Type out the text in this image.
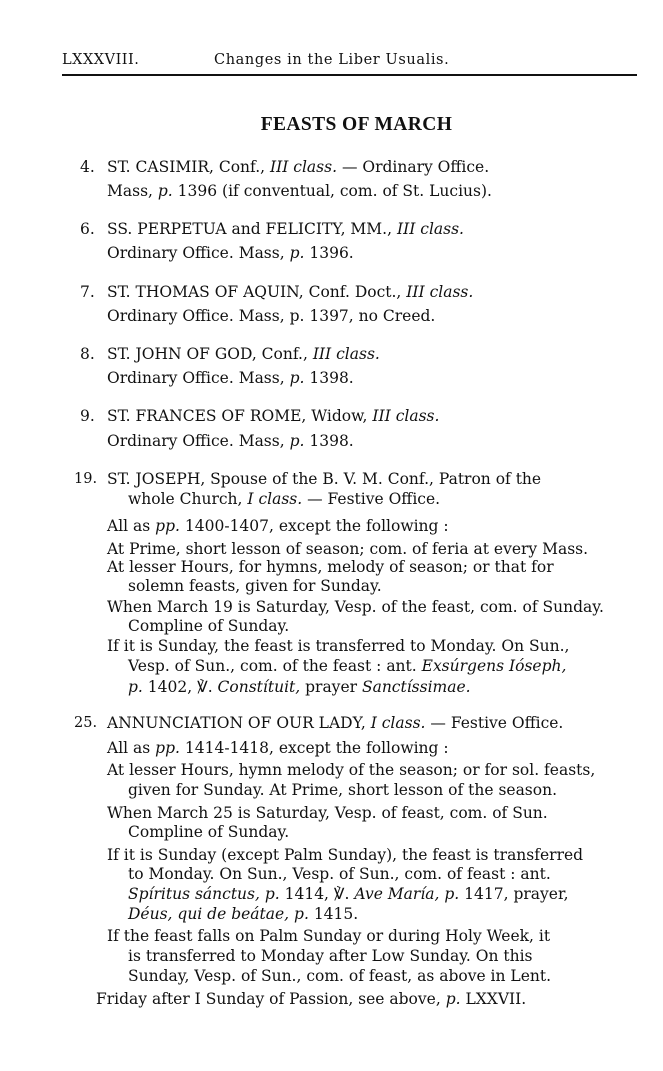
LXXXVIII.	Changes in the Liber Usualis.
FEASTS OF MARCH
4. ST. CASIMIR, Conf., III class. — Ordinary Office.
Mass, p. 1396 (if conventual, com. of St. Lucius).
6. SS. PERPETUA and FELICITY, MM., III class.
Ordinary Office. Mass, p. 1396.
7. ST. THOMAS OF AQUIN, Conf. Doct., III class.
Ordinary Office. Mass, p. 1397, no Creed.
8. ST. JOHN OF GOD, Conf., III class.
Ordinary Office. Mass, p. 1398.
9. ST. FRANCES OF ROME, Widow, III class.
Ordinary Office. Mass, p. 1398.
19. ST. JOSEPH, Spouse of the B. V. M. Conf., Patron of the
whole Church, I class. — Festive Office.
All as pp. 1400-1407, except the following :
At Prime, short lesson of season; com. of feria at every Mass.
At lesser Hours, for hymns, melody of season; or that for
solemn feasts, given for Sunday.
When March 19 is Saturday, Vesp. of the feast, com. of Sunday.
Compline of Sunday.
If it is Sunday, the feast is transferred to Monday. On Sun.,
Vesp. of Sun., com. of the feast : ant. Exsúrgens Ióseph,
p. 1402, ℣. Constítuit, prayer Sanctíssimae.
25. ANNUNCIATION OF OUR LADY, I class. — Festive Office.
All as pp. 1414-1418, except the following :
At lesser Hours, hymn melody of the season; or for sol. feasts,
given for Sunday. At Prime, short lesson of the season.
When March 25 is Saturday, Vesp. of feast, com. of Sun.
Compline of Sunday.
If it is Sunday (except Palm Sunday), the feast is transferred
to Monday. On Sun., Vesp. of Sun., com. of feast : ant.
Spíritus sánctus, p. 1414, ℣. Ave María, p. 1417, prayer,
Déus, qui de beátae, p. 1415.
If the feast falls on Palm Sunday or during Holy Week, it
is transferred to Monday after Low Sunday. On this
Sunday, Vesp. of Sun., com. of feast, as above in Lent.
Friday after I Sunday of Passion, see above, p. LXXVII.
